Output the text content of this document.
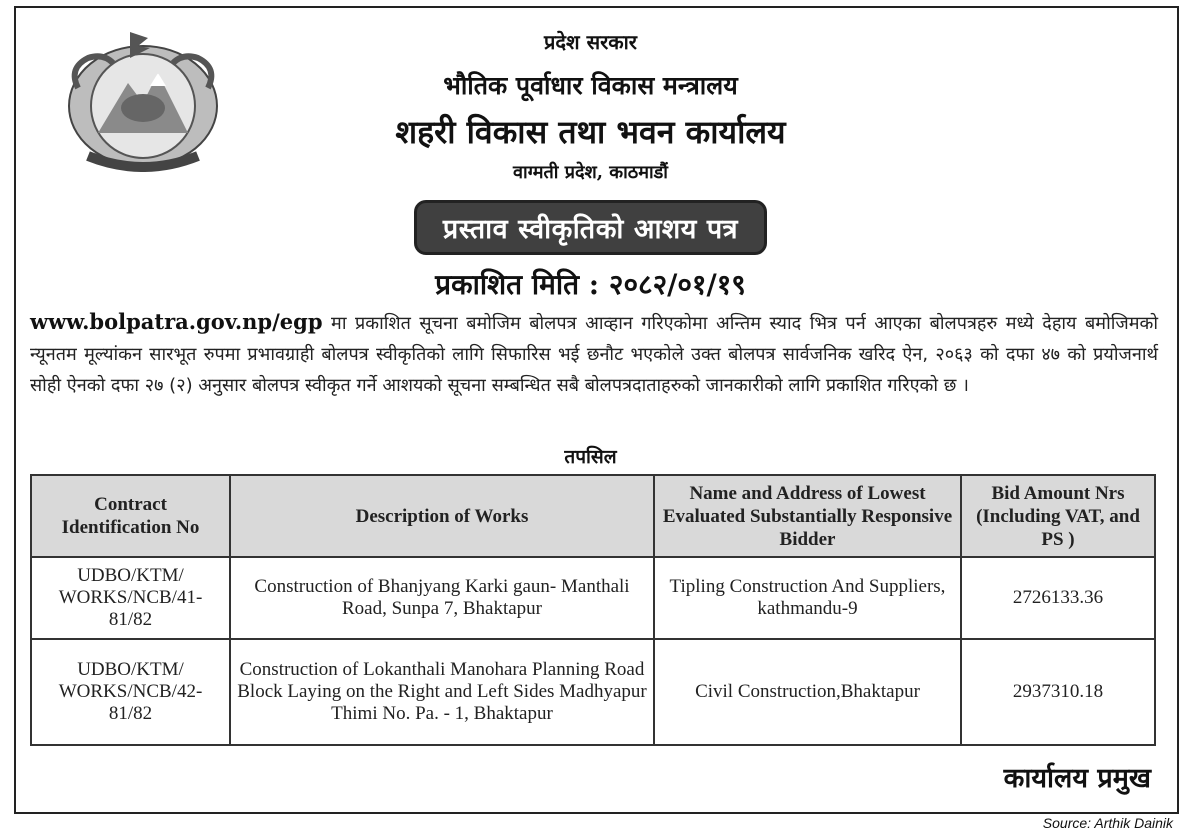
प्रदेश सरकार
भौतिक पूर्वाधार विकास मन्त्रालय
शहरी विकास तथा भवन कार्यालय
वाग्मती प्रदेश, काठमाडौं
प्रस्ताव स्वीकृतिको आशय पत्र
प्रकाशित मिति : २०८२/०१/१९
www.bolpatra.gov.np/egp मा प्रकाशित सूचना बमोजिम बोलपत्र आव्हान गरिएकोमा अन्तिम स्याद भित्र पर्न आएका बोलपत्रहरु मध्ये देहाय बमोजिमको न्यूनतम मूल्यांकन सारभूत रुपमा प्रभावग्राही बोलपत्र स्वीकृतिको लागि सिफारिस भई छनौट भएकोले उक्त बोलपत्र सार्वजनिक खरिद ऐन, २०६३ को दफा ४७ को प्रयोजनार्थ सोही ऐनको दफा २७ (२) अनुसार बोलपत्र स्वीकृत गर्ने आशयको सूचना सम्बन्धित सबै बोलपत्रदाताहरुको जानकारीको लागि प्रकाशित गरिएको छ ।
तपसिल
Contract Identification No	Description of Works	Name and Address of Lowest Evaluated Substantially Responsive Bidder	Bid Amount Nrs (Including VAT, and PS )
UDBO/KTM/ WORKS/NCB/41- 81/82	Construction of Bhanjyang Karki gaun- Manthali Road, Sunpa 7, Bhaktapur	Tipling Construction And Suppliers, kathmandu-9	2726133.36
UDBO/KTM/ WORKS/NCB/42- 81/82	Construction of Lokanthali Manohara Planning Road Block Laying on the Right and Left Sides Madhyapur Thimi No. Pa. - 1, Bhaktapur	Civil Construction,Bhaktapur	2937310.18
कार्यालय प्रमुख
Source: Arthik Dainik
